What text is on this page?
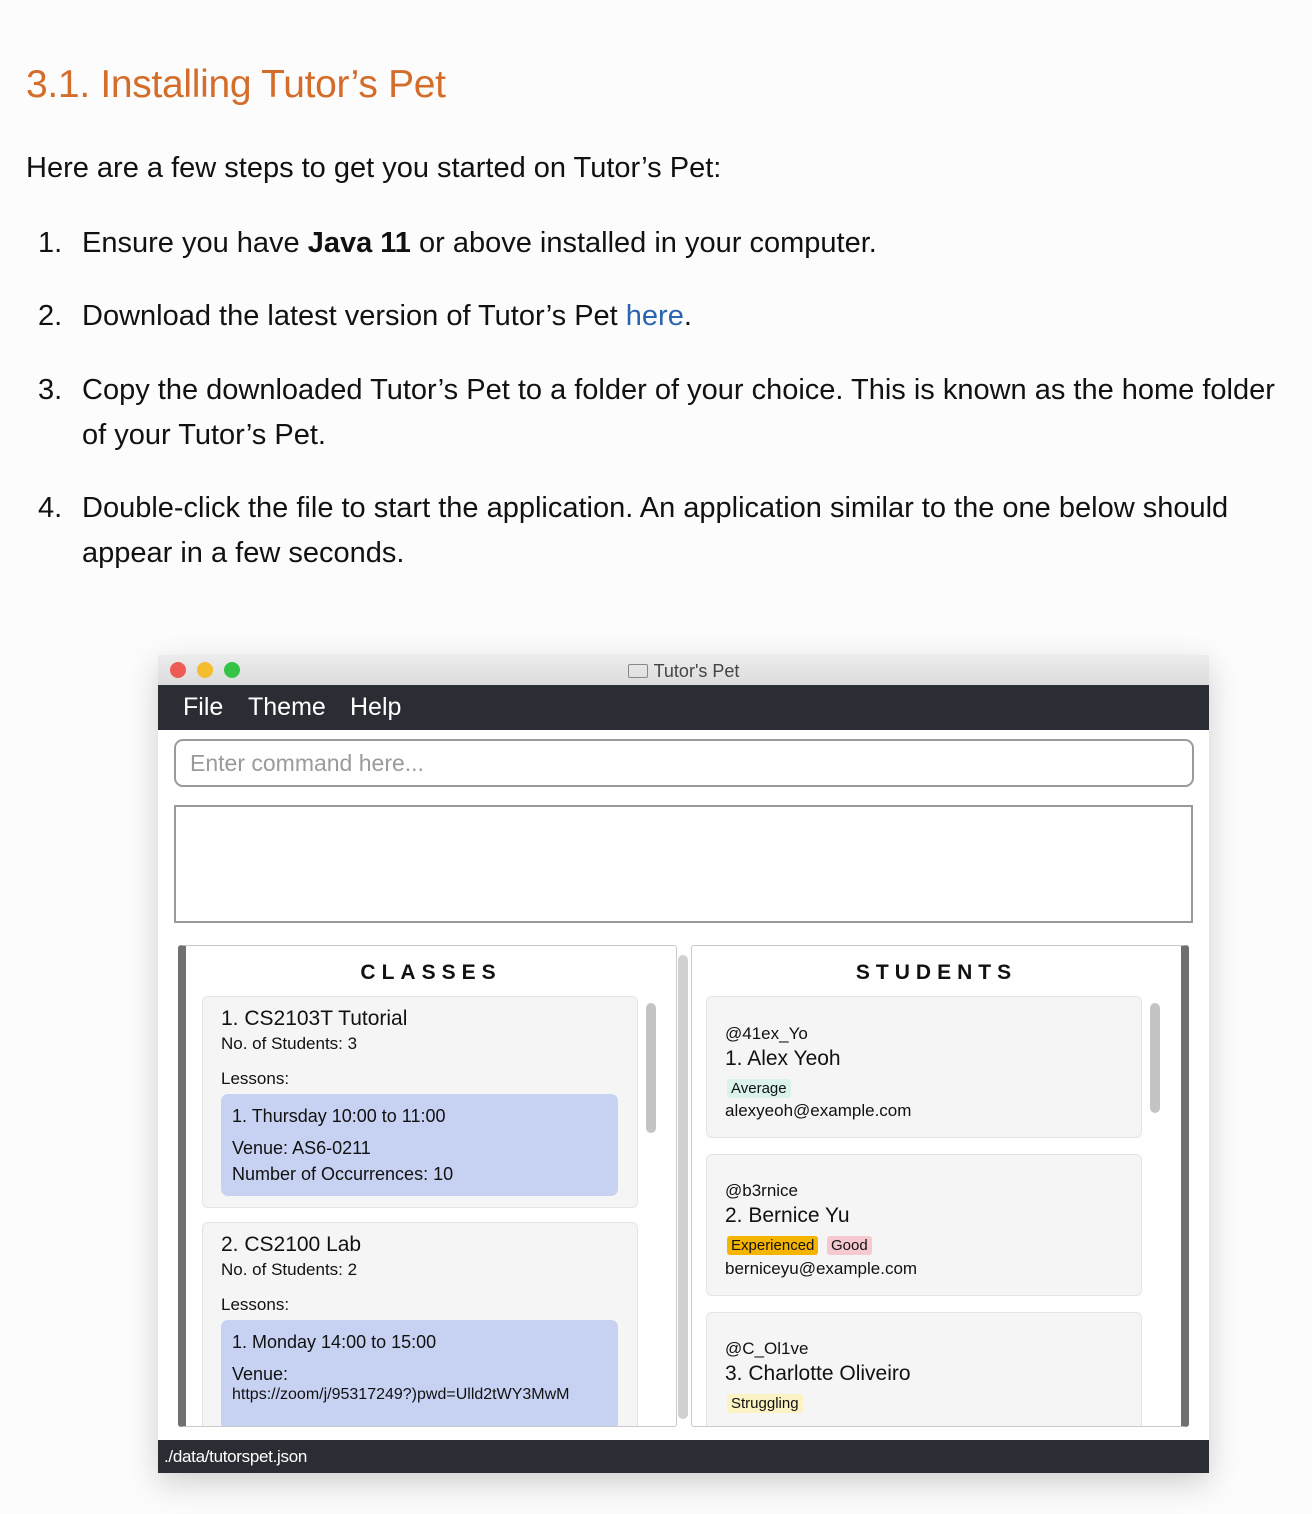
3.1. Installing Tutor’s Pet

Here are a few steps to get you started on Tutor’s Pet:

1. Ensure you have Java 11 or above installed in your computer.
2. Download the latest version of Tutor’s Pet here.
3. Copy the downloaded Tutor’s Pet to a folder of your choice. This is known as the home folder of your Tutor’s Pet.
4. Double-click the file to start the application. An application similar to the one below should appear in a few seconds.
Tutor's Pet
File Theme Help
Enter command here...
CLASSES
1. CS2103T Tutorial
No. of Students: 3
Lessons:
1. Thursday 10:00 to 11:00
Venue: AS6-0211
Number of Occurrences: 10
2. CS2100 Lab
No. of Students: 2
Lessons:
1. Monday 14:00 to 15:00
Venue:
https://zoom/j/95317249?)pwd=Ulld2tWY3MwM
STUDENTS
@41ex_Yo
1. Alex Yeoh
Average
alexyeoh@example.com
@b3rnice
2. Bernice Yu
Experienced Good
berniceyu@example.com
@C_Ol1ve
3. Charlotte Oliveiro
Struggling
./data/tutorspet.json
